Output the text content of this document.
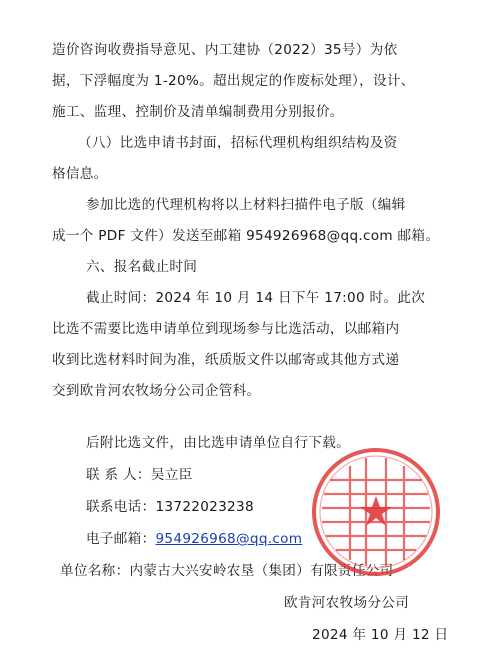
造价咨询收费指导意见、内工建协（2022）35号）为依
据，下浮幅度为 1-20%。超出规定的作废标处理），设计、
施工、监理、控制价及清单编制费用分别报价。
（八）比选申请书封面，招标代理机构组织结构及资
格信息。
参加比选的代理机构将以上材料扫描件电子版（编辑
成一个 PDF 文件）发送至邮箱 954926968@qq.com 邮箱。
六、报名截止时间
截止时间：2024 年 10 月 14 日下午 17:00 时。此次
比选不需要比选申请单位到现场参与比选活动，以邮箱内
收到比选材料时间为准，纸质版文件以邮寄或其他方式递
交到欧肯河农牧场分公司企管科。
后附比选文件，由比选申请单位自行下载。
联 系 人：吴立臣
联系电话：13722023238
电子邮箱：954926968@qq.com
单位名称：内蒙古大兴安岭农垦（集团）有限责任公司
欧肯河农牧场分公司
2024 年 10 月 12 日
